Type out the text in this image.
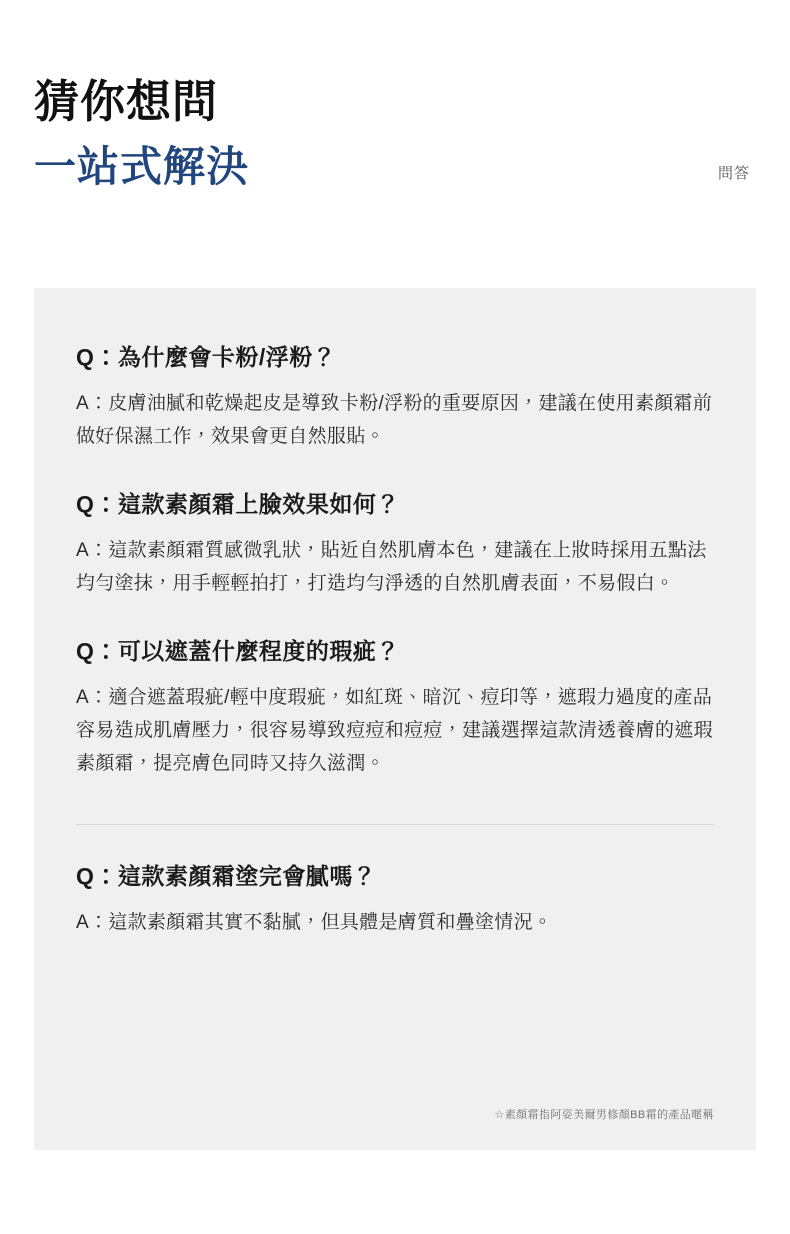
猜你想問
一站式解決	問答
Q：為什麼會卡粉/浮粉？
A：皮膚油膩和乾燥起皮是導致卡粉/浮粉的重要原因，建議在使用素顏霜前做好保濕工作，效果會更自然服貼。
Q：這款素顏霜上臉效果如何？
A：這款素顏霜質感微乳狀，貼近自然肌膚本色，建議在上妝時採用五點法均勻塗抹，用手輕輕拍打，打造均勻淨透的自然肌膚表面，不易假白。
Q：可以遮蓋什麼程度的瑕疵？
A：適合遮蓋瑕疵/輕中度瑕疵，如紅斑、暗沉、痘印等，遮瑕力過度的產品容易造成肌膚壓力，很容易導致痘痘和痘痘，建議選擇這款清透養膚的遮瑕素顏霜，提亮膚色同時又持久滋潤。
Q：這款素顏霜塗完會膩嗎？
A：這款素顏霜其實不黏膩，但具體是膚質和疊塗情況。
☆素顏霜指阿姿美爾男修顏BB霜的產品暱稱
